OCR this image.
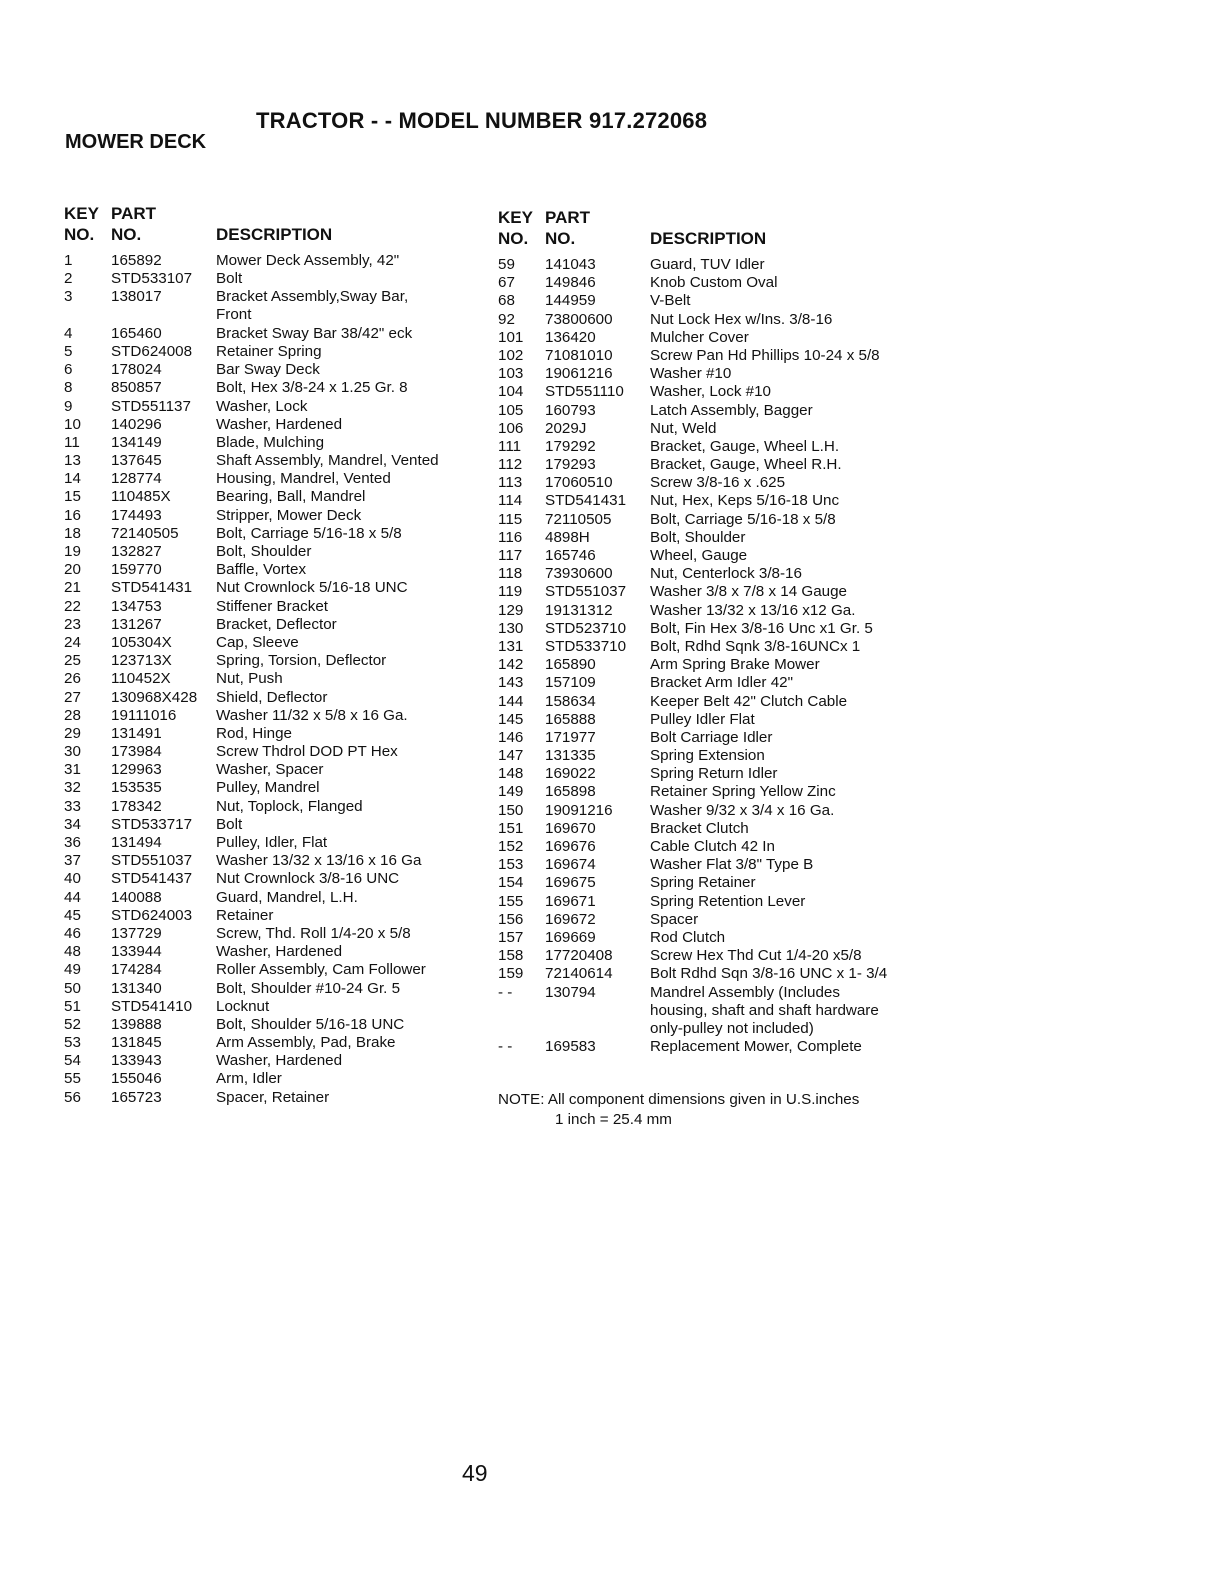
TRACTOR - - MODEL NUMBER 917.272068
MOWER DECK
KEY
NO.
PART
NO.	DESCRIPTION
1	165892	Mower Deck Assembly, 42"
2	STD533107 Bolt
3	138017	Bracket Assembly,Sway Bar,
Front
4	165460	Bracket Sway Bar 38/42" eck
5	STD624008 Retainer Spring
6	178024	Bar Sway Deck
8	850857	Bolt, Hex 3/8-24 x 1.25 Gr. 8
9	STD551137 Washer, Lock
10 140296	Washer, Hardened
11 134149	Blade, Mulching
13 137645	Shaft Assembly, Mandrel, Vented
14 128774	Housing, Mandrel, Vented
15 110485X	Bearing, Ball, Mandrel
16 174493	Stripper, Mower Deck
18 72140505 Bolt, Carriage 5/16-18 x 5/8
19 132827	Bolt, Shoulder
20 159770	Baffle, Vortex
21 STD541431 Nut Crownlock 5/16-18 UNC
22 134753	Stiffener Bracket
23 131267	Bracket, Deflector
24 105304X	Cap, Sleeve
25 123713X	Spring, Torsion, Deflector
26 110452X	Nut, Push
27 130968X428 Shield, Deflector
28 19111016	Washer 11/32 x 5/8 x 16 Ga.
29 131491	Rod, Hinge
30 173984	Screw Thdrol DOD PT Hex
31 129963	Washer, Spacer
32 153535	Pulley, Mandrel
33 178342	Nut, Toplock, Flanged
34 STD533717 Bolt
36 131494	Pulley, Idler, Flat
37 STD551037 Washer 13/32 x 13/16 x 16 Ga
40 STD541437 Nut Crownlock 3/8-16 UNC
44 140088	Guard, Mandrel, L.H.
45 STD624003 Retainer
46 137729	Screw, Thd. Roll 1/4-20 x 5/8
48 133944	Washer, Hardened
49 174284	Roller Assembly, Cam Follower
50 131340	Bolt, Shoulder #10-24 Gr. 5
51 STD541410 Locknut
52 139888	Bolt, Shoulder 5/16-18 UNC
53 131845	Arm Assembly, Pad, Brake
54 133943	Washer, Hardened
55 155046	Arm, Idler
56 165723	Spacer, Retainer
KEY
NO.
PART
NO.	DESCRIPTION
59 141043	Guard, TUV Idler
67 149846	Knob Custom Oval
68 144959	V-Belt
92 73800600 Nut Lock Hex w/Ins. 3/8-16
101 136420	Mulcher Cover
102 71081010 Screw Pan Hd Phillips 10-24 x 5/8
103 19061216 Washer #10
104 STD551110 Washer, Lock #10
105 160793	Latch Assembly, Bagger
106 2029J	Nut, Weld
111 179292	Bracket, Gauge, Wheel L.H.
112 179293	Bracket, Gauge, Wheel R.H.
113 17060510 Screw 3/8-16 x .625
114 STD541431 Nut, Hex, Keps 5/16-18 Unc
115 72110505	Bolt, Carriage 5/16-18 x 5/8
116 4898H	Bolt, Shoulder
117 165746	Wheel, Gauge
118 73930600 Nut, Centerlock 3/8-16
119 STD551037 Washer 3/8 x 7/8 x 14 Gauge
129 19131312 Washer 13/32 x 13/16 x12 Ga.
130 STD523710 Bolt, Fin Hex 3/8-16 Unc x1 Gr. 5
131 STD533710 Bolt, Rdhd Sqnk 3/8-16UNCx 1
142 165890	Arm Spring Brake Mower
143 157109	Bracket Arm Idler 42"
144 158634	Keeper Belt 42" Clutch Cable
145 165888	Pulley Idler Flat
146 171977	Bolt Carriage Idler
147 131335	Spring Extension
148 169022	Spring Return Idler
149 165898	Retainer Spring Yellow Zinc
150 19091216 Washer 9/32 x 3/4 x 16 Ga.
151 169670	Bracket Clutch
152 169676	Cable Clutch 42 In
153 169674	Washer Flat 3/8" Type B
154 169675	Spring Retainer
155 169671	Spring Retention Lever
156 169672	Spacer
157 169669	Rod Clutch
158 17720408 Screw Hex Thd Cut 1/4-20 x5/8
159 72140614 Bolt Rdhd Sqn 3/8-16 UNC x 1- 3/4
- - 130794	Mandrel Assembly (Includes
housing, shaft and shaft hardware
only-pulley not included)
- - 169583	Replacement Mower, Complete
NOTE: All component dimensions given in U.S.inches
1 inch = 25.4 mm
49
